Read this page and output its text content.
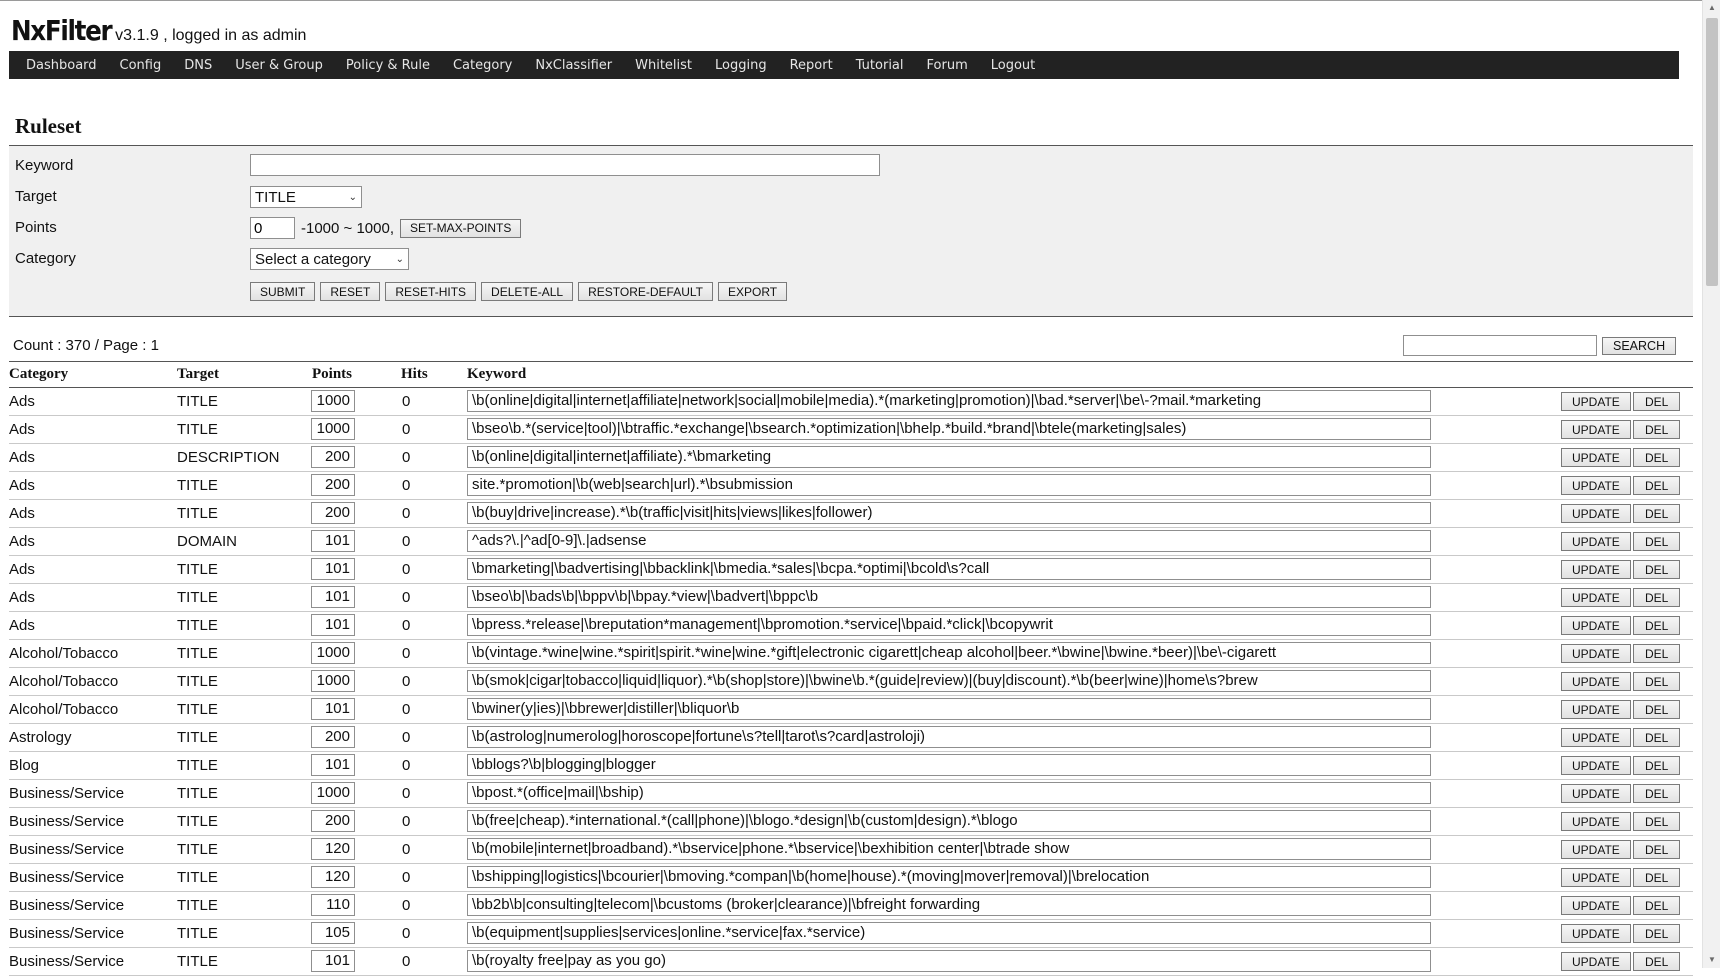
NxFilter v3.1.9 , logged in as admin
Dashboard	Config	DNS	User & Group	Policy & Rule	Category	NxClassifier	Whitelist	Logging	Report	Tutorial	Forum	Logout
Ruleset
Keyword
Target	TITLE	⌄
Points
0	-1000 ~ 1000,	SET-MAX-POINTS
Category	Select a category ⌄
SUBMIT	RESET	RESET-HITS	DELETE-ALL	RESTORE-DEFAULT	EXPORT
Count : 370 / Page : 1	SEARCH
Category	Target	Points	Hits	Keyword
Ads	TITLE	1000	0	\b(online|digital|internet|affiliate|network|social|mobile|media).*(marketing|promotion)|\bad.*server|\be\-?mail.*marketing	UPDATE	DEL
Ads	TITLE	1000	0	\bseo\b.*(service|tool)|\btraffic.*exchange|\bsearch.*optimization|\bhelp.*build.*brand|\btele(marketing|sales)	UPDATE	DEL
Ads	DESCRIPTION	200	0	\b(online|digital|internet|affiliate).*\bmarketing	UPDATE	DEL
Ads	TITLE	200	0	site.*promotion|\b(web|search|url).*\bsubmission	UPDATE	DEL
Ads	TITLE	200	0	\b(buy|drive|increase).*\b(traffic|visit|hits|views|likes|follower)	UPDATE	DEL
Ads	DOMAIN	101	0	^ads?\.|^ad[0-9]\.|adsense	UPDATE	DEL
Ads	TITLE	101	0	\bmarketing|\badvertising|\bbacklink|\bmedia.*sales|\bcpa.*optimi|\bcold\s?call	UPDATE	DEL
Ads	TITLE	101	0	\bseo\b|\bads\b|\bppv\b|\bpay.*view|\badvert|\bppc\b	UPDATE	DEL
Ads	TITLE	101	0	\bpress.*release|\breputation*management|\bpromotion.*service|\bpaid.*click|\bcopywrit	UPDATE	DEL
Alcohol/Tobacco	TITLE	1000	0	\b(vintage.*wine|wine.*spirit|spirit.*wine|wine.*gift|electronic cigarett|cheap alcohol|beer.*\bwine|\bwine.*beer)|\be\-cigarett	UPDATE	DEL
Alcohol/Tobacco	TITLE	1000	0	\b(smok|cigar|tobacco|liquid|liquor).*\b(shop|store)|\bwine\b.*(guide|review)|(buy|discount).*\b(beer|wine)|home\s?brew	UPDATE	DEL
Alcohol/Tobacco	TITLE	101	0	\bwiner(y|ies)|\bbrewer|distiller|\bliquor\b	UPDATE	DEL
Astrology	TITLE	200	0	\b(astrolog|numerolog|horoscope|fortune\s?tell|tarot\s?card|astroloji)	UPDATE	DEL
Blog	TITLE	101	0	\bblogs?\b|blogging|blogger	UPDATE	DEL
Business/Service	TITLE	1000	0	\bpost.*(office|mail|\bship)	UPDATE	DEL
Business/Service	TITLE	200	0	\b(free|cheap).*international.*(call|phone)|\blogo.*design|\b(custom|design).*\blogo	UPDATE	DEL
Business/Service	TITLE	120	0	\b(mobile|internet|broadband).*\bservice|phone.*\bservice|\bexhibition center|\btrade show	UPDATE	DEL
Business/Service	TITLE	120	0	\bshipping|logistics|\bcourier|\bmoving.*compan|\b(home|house).*(moving|mover|removal)|\brelocation	UPDATE	DEL
Business/Service	TITLE	110	0	\bb2b\b|consulting|telecom|\bcustoms (broker|clearance)|\bfreight forwarding	UPDATE	DEL
Business/Service	TITLE	105	0	\b(equipment|supplies|services|online.*service|fax.*service)	UPDATE	DEL
Business/Service	TITLE	101	0	\b(royalty free|pay as you go)	UPDATE	DEL
▲
▼
